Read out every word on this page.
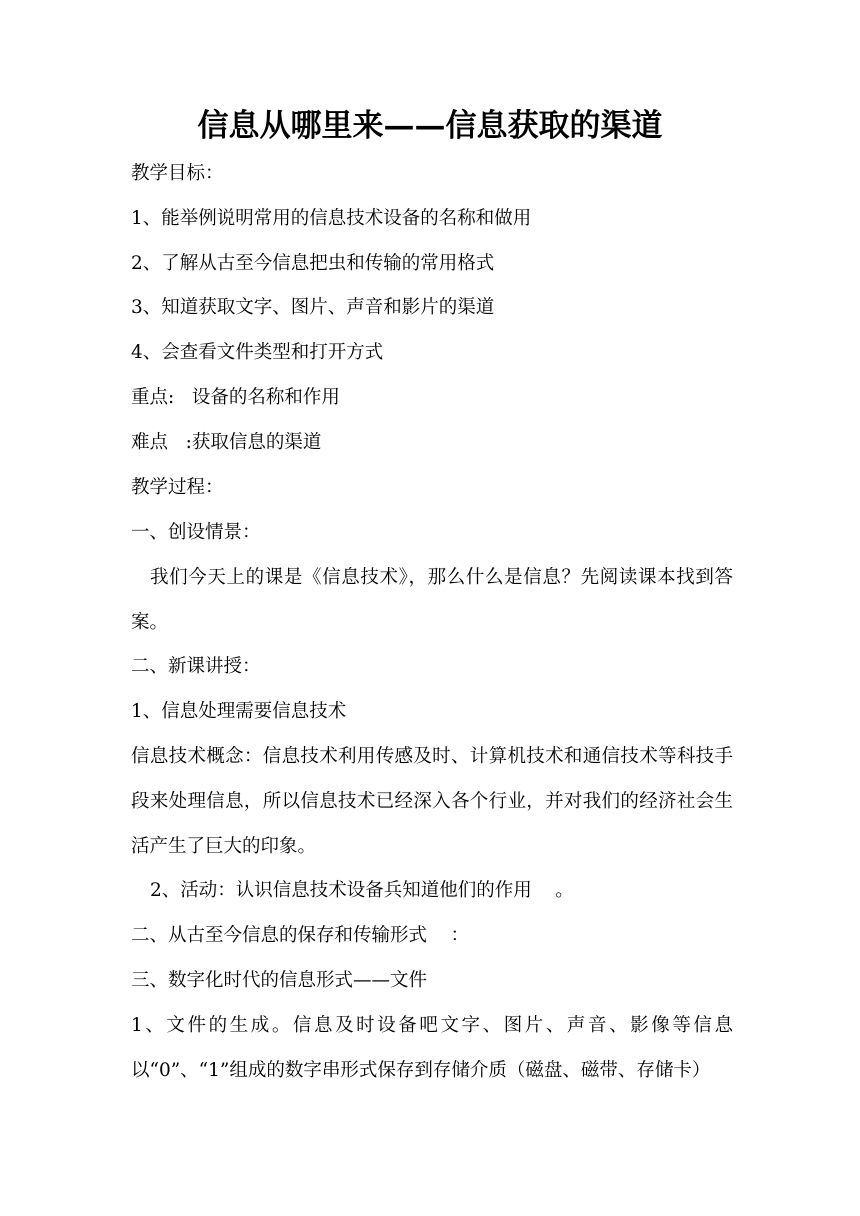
信息从哪里来——信息获取的渠道
教学目标：
1、能举例说明常用的信息技术设备的名称和做用
2、了解从古至今信息把虫和传输的常用格式
3、知道获取文字、图片、声音和影片的渠道
4、会查看文件类型和打开方式
重点:   设备的名称和作用
难点   :获取信息的渠道
教学过程：
一、创设情景：
我们今天上的课是《信息技术》，那么什么是信息？先阅读课本找到答案。
二、新课讲授：
1、信息处理需要信息技术
信息技术概念：信息技术利用传感及时、计算机技术和通信技术等科技手段来处理信息，所以信息技术已经深入各个行业，并对我们的经济社会生活产生了巨大的印象。
2、活动：认识信息技术设备兵知道他们的作用    。
二、从古至今信息的保存和传输形式    ：
三、数字化时代的信息形式——文件
1、文件的生成。信息及时设备吧文字、图片、声音、影像等信息以“0”、“1”组成的数字串形式保存到存储介质（磁盘、磁带、存储卡）
